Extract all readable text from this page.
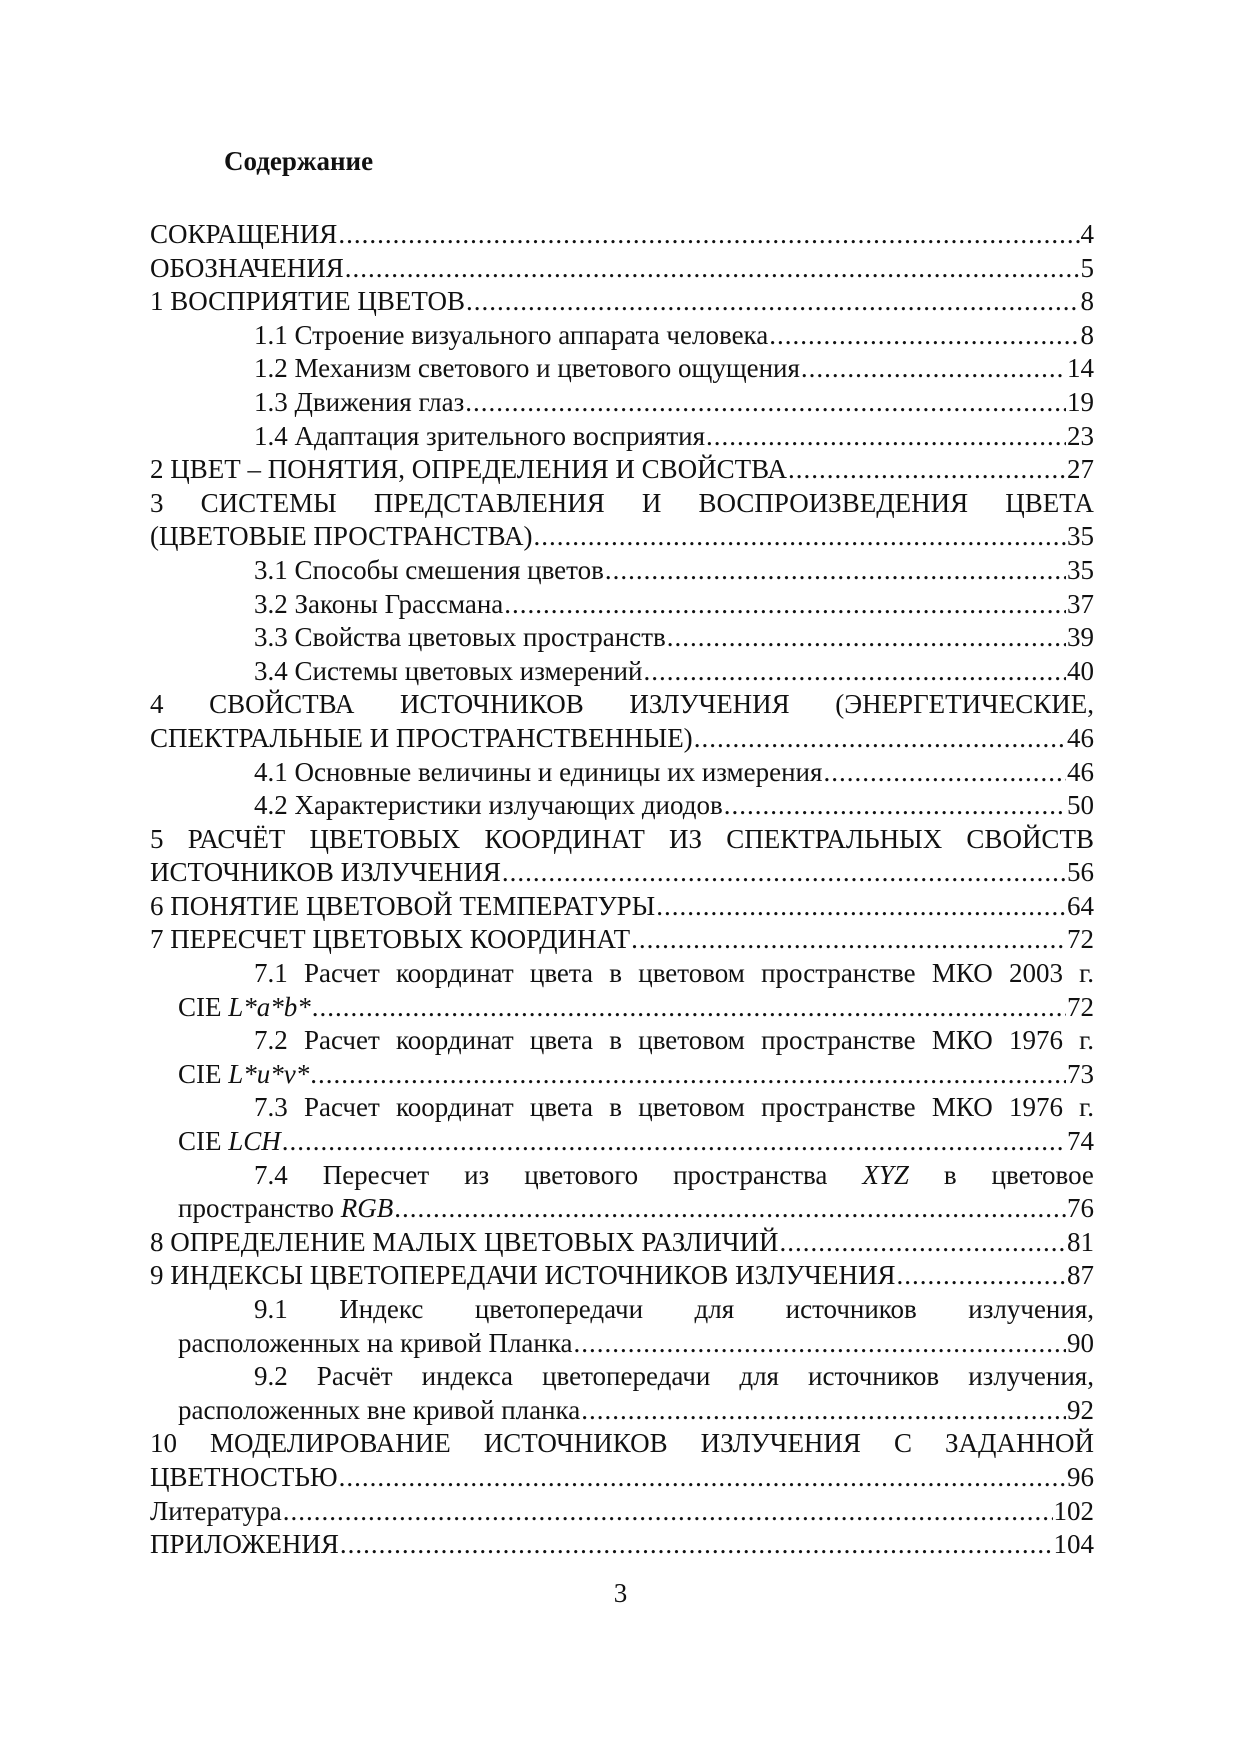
Содержание
СОКРАЩЕНИЯ .....	4
ОБОЗНАЧЕНИЯ .....	5
1 ВОСПРИЯТИЕ ЦВЕТОВ .....	8
1.1 Строение визуального аппарата человека .....	8
1.2 Механизм светового и цветового ощущения .....	14
1.3 Движения глаз .....	19
1.4 Адаптация зрительного восприятия .....	23
2 ЦВЕТ – ПОНЯТИЯ, ОПРЕДЕЛЕНИЯ И СВОЙСТВА .....	27
3 СИСТЕМЫ ПРЕДСТАВЛЕНИЯ И ВОСПРОИЗВЕДЕНИЯ ЦВЕТА
(ЦВЕТОВЫЕ ПРОСТРАНСТВА) .....	35
3.1 Способы смешения цветов .....	35
3.2 Законы Грассмана .....	37
3.3 Свойства цветовых пространств .....	39
3.4 Системы цветовых измерений .....	40
4 СВОЙСТВА ИСТОЧНИКОВ ИЗЛУЧЕНИЯ (ЭНЕРГЕТИЧЕСКИЕ,
СПЕКТРАЛЬНЫЕ И ПРОСТРАНСТВЕННЫЕ) .....	46
4.1 Основные величины и единицы их измерения .....	46
4.2 Характеристики излучающих диодов .....	50
5 РАСЧЁТ ЦВЕТОВЫХ КООРДИНАТ ИЗ СПЕКТРАЛЬНЫХ СВОЙСТВ
ИСТОЧНИКОВ ИЗЛУЧЕНИЯ .....	56
6 ПОНЯТИЕ ЦВЕТОВОЙ ТЕМПЕРАТУРЫ .....	64
7 ПЕРЕСЧЕТ ЦВЕТОВЫХ КООРДИНАТ .....	72
7.1 Расчет координат цвета в цветовом пространстве МКО 2003 г.
CIE L*a*b* .....	72
7.2 Расчет координат цвета в цветовом пространстве МКО 1976 г.
CIE L*u*v* .....	73
7.3 Расчет координат цвета в цветовом пространстве МКО 1976 г.
CIE LCH .....	74
7.4 Пересчет из цветового пространства XYZ в цветовое
пространство RGB .....	76
8 ОПРЕДЕЛЕНИЕ МАЛЫХ ЦВЕТОВЫХ РАЗЛИЧИЙ .....	81
9 ИНДЕКСЫ ЦВЕТОПЕРЕДАЧИ ИСТОЧНИКОВ ИЗЛУЧЕНИЯ .....	87
9.1 Индекс цветопередачи для источников излучения,
расположенных на кривой Планка .....	90
9.2 Расчёт индекса цветопередачи для источников излучения,
расположенных вне кривой планка .....	92
10 МОДЕЛИРОВАНИЕ ИСТОЧНИКОВ ИЗЛУЧЕНИЯ С ЗАДАННОЙ
ЦВЕТНОСТЬЮ .....	96
Литература .....	102
ПРИЛОЖЕНИЯ .....	104
3
